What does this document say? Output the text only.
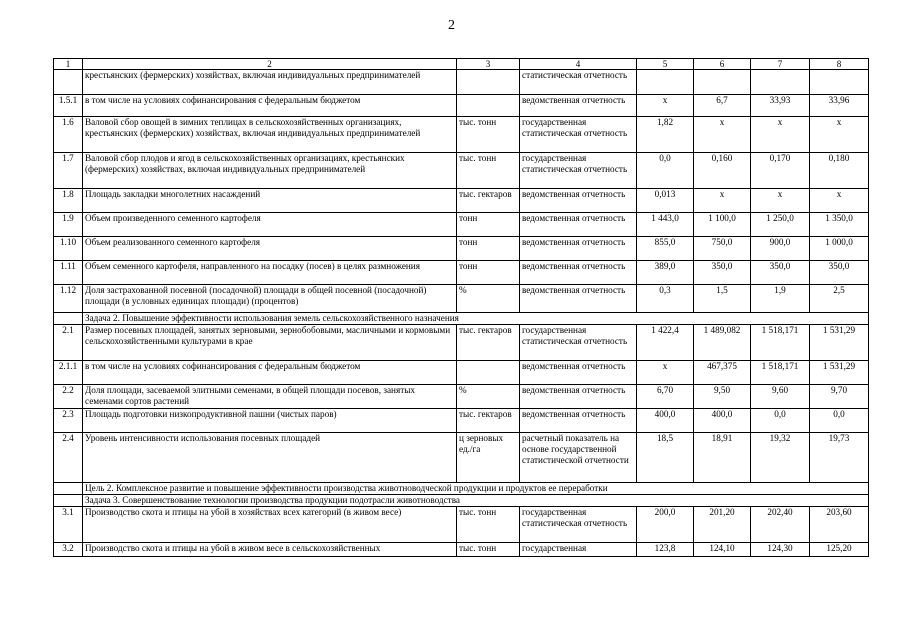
2
1	2	3	4	5	6	7	8
	крестьянских (фермерских) хозяйствах, включая индивидуальных предпринимателей		статистическая отчетность				
1.5.1	в том числе на условиях софинансирования с федеральным бюджетом		ведомственная отчетность	х	6,7	33,93	33,96
1.6	Валовой сбор овощей в зимних теплицах в сельскохозяйственных организациях, крестьянских (фермерских) хозяйствах, включая индивидуальных предпринимателей	тыс. тонн	государственная статистическая отчетность	1,82	х	х	х
1.7	Валовой сбор плодов и ягод в сельскохозяйственных организациях, крестьянских (фермерских) хозяйствах, включая индивидуальных предпринимателей	тыс. тонн	государственная статистическая отчетность	0,0	0,160	0,170	0,180
1.8	Площадь закладки многолетних насаждений	тыс. гектаров	ведомственная отчетность	0,013	х	х	х
1.9	Объем произведенного семенного картофеля	тонн	ведомственная отчетность	1 443,0	1 100,0	1 250,0	1 350,0
1.10	Объем реализованного семенного картофеля	тонн	ведомственная отчетность	855,0	750,0	900,0	1 000,0
1.11	Объем семенного картофеля, направленного на посадку (посев) в целях размножения	тонн	ведомственная отчетность	389,0	350,0	350,0	350,0
1.12	Доля застрахованной посевной (посадочной) площади в общей посевной (посадочной) площади (в условных единицах площади) (процентов)	%	ведомственная отчетность	0,3	1,5	1,9	2,5
	Задача 2. Повышение эффективности использования земель сельскохозяйственного назначения						
2.1	Размер посевных площадей, занятых зерновыми, зернобобовыми, масличными и кормовыми сельскохозяйственными культурами в крае	тыс. гектаров	государственная статистическая отчетность	1 422,4	1 489,082	1 518,171	1 531,29
2.1.1	в том числе на условиях софинансирования с федеральным бюджетом		ведомственная отчетность	х	467,375	1 518,171	1 531,29
2.2	Доля площади, засеваемой элитными семенами, в общей площади посевов, занятых семенами сортов растений	%	ведомственная отчетность	6,70	9,50	9,60	9,70
2.3	Площадь подготовки низкопродуктивной пашни (чистых паров)	тыс. гектаров	ведомственная отчетность	400,0	400,0	0,0	0,0
2.4	Уровень интенсивности использования посевных площадей	ц зерновых ед./га	расчетный показатель на основе государственной статистической отчетности	18,5	18,91	19,32	19,73
	Цель 2. Комплексное развитие и повышение эффективности производства животноводческой продукции и продуктов ее переработки						
	Задача 3. Совершенствование технологии производства продукции подотрасли животноводства						
3.1	Производство скота и птицы на убой в хозяйствах всех категорий (в живом весе)	тыс. тонн	государственная статистическая отчетность	200,0	201,20	202,40	203,60
3.2	Производство скота и птицы на убой в живом весе в сельскохозяйственных	тыс. тонн	государственная	123,8	124,10	124,30	125,20
